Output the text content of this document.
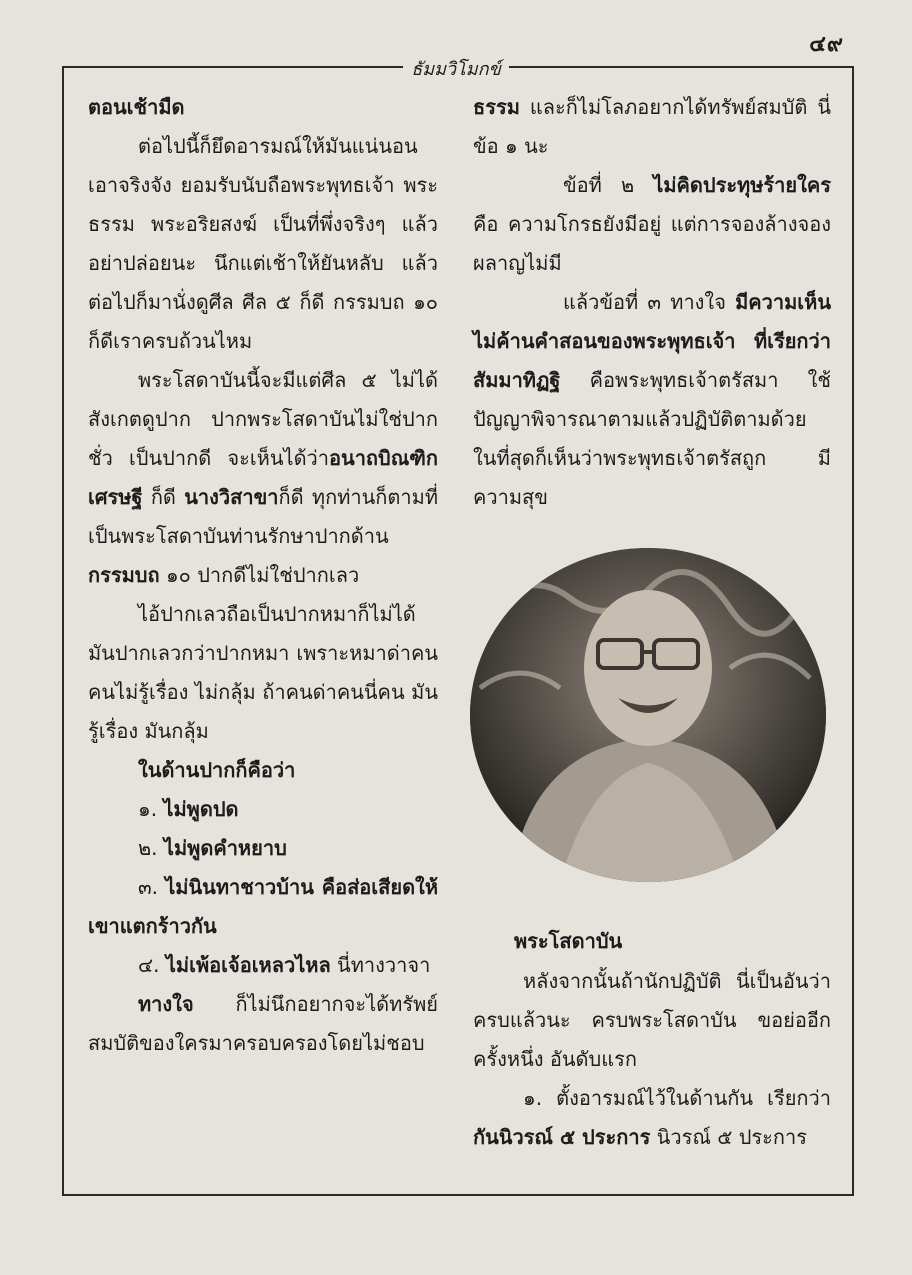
๔๙
ธัมมวิโมกข์

ตอนเช้ามืด

ต่อไปนี้ก็ยึดอารมณ์ให้มันแน่นอน เอาจริงจัง ยอมรับนับถือพระพุทธเจ้า พระธรรม พระอริยสงฆ์ เป็นที่พึ่งจริงๆ แล้วอย่าปล่อยนะ นึกแต่เช้าให้ยันหลับ แล้วต่อไปก็มานั่งดูศีล ศีล ๕ ก็ดี กรรมบถ ๑๐ ก็ดีเราครบถ้วนไหม

พระโสดาบันนี้จะมีแต่ศีล ๕ ไม่ได้ สังเกตดูปาก ปากพระโสดาบันไม่ใช่ปากชั่ว เป็นปากดี จะเห็นได้ว่าอนาถบิณฑิกเศรษฐี ก็ดี นางวิสาขาก็ดี ทุกท่านก็ตามที่เป็นพระโสดาบันท่านรักษาปากด้านกรรมบถ ๑๐ ปากดีไม่ใช่ปากเลว

ไอ้ปากเลวถือเป็นปากหมาก็ไม่ได้ มันปากเลวกว่าปากหมา เพราะหมาด่าคน คนไม่รู้เรื่อง ไม่กลุ้ม ถ้าคนด่าคนนี่คน มันรู้เรื่อง มันกลุ้ม

ในด้านปากก็คือว่า

๑. ไม่พูดปด

๒. ไม่พูดคำหยาบ

๓. ไม่นินทาชาวบ้าน คือส่อเสียดให้เขาแตกร้าวกัน

๔. ไม่เพ้อเจ้อเหลวไหล นี่ทางวาจา

ทางใจ ก็ไม่นึกอยากจะได้ทรัพย์สมบัติของใครมาครอบครองโดยไม่ชอบ

ธรรม และก็ไม่โลภอยากได้ทรัพย์สมบัติ นี่ข้อ ๑ นะ

ข้อที่ ๒ ไม่คิดประทุษร้ายใคร คือ ความโกรธยังมีอยู่ แต่การจองล้างจองผลาญไม่มี

แล้วข้อที่ ๓ ทางใจ มีความเห็นไม่ค้านคำสอนของพระพุทธเจ้า ที่เรียกว่าสัมมาทิฏฐิ คือพระพุทธเจ้าตรัสมา ใช้ปัญญาพิจารณาตามแล้วปฏิบัติตามด้วย ในที่สุดก็เห็นว่าพระพุทธเจ้าตรัสถูก มีความสุข

พระโสดาบัน

หลังจากนั้นถ้านักปฏิบัติ นี่เป็นอันว่าครบแล้วนะ ครบพระโสดาบัน ขอย่ออีกครั้งหนึ่ง อันดับแรก

๑. ตั้งอารมณ์ไว้ในด้านกัน เรียกว่า กันนิวรณ์ ๕ ประการ นิวรณ์ ๕ ประการ
